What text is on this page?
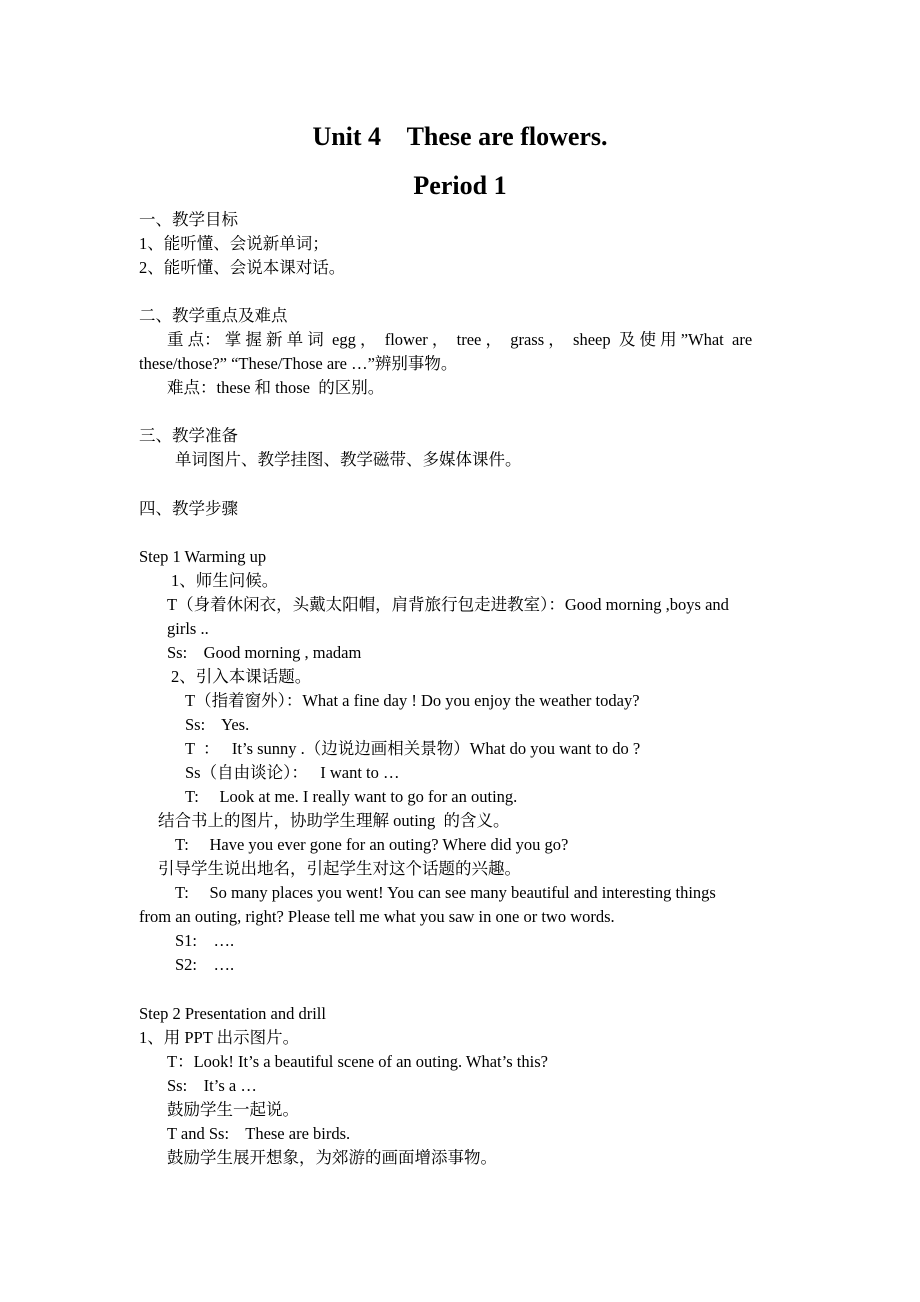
Unit 4    These are flowers.
Period 1
一、教学目标
1、能听懂、会说新单词；
2、能听懂、会说本课对话。
二、教学重点及难点
重 点： 掌 握 新 单 词  egg ，  flower ，  tree ，  grass ，  sheep  及 使 用 ”What  are
these/those?” “These/Those are …”辨别事物。
难点：these 和 those  的区别。
三、教学准备
单词图片、教学挂图、教学磁带、多媒体课件。
四、教学步骤
Step 1 Warming up
1、师生问候。
T（身着休闲衣，头戴太阳帽，肩背旅行包走进教室）：Good morning ,boys and
girls ..
Ss:    Good morning , madam
2、引入本课话题。
T（指着窗外）：What a fine day ! Do you enjoy the weather today?
Ss:    Yes.
T  ：   It’s sunny .（边说边画相关景物）What do you want to do ?
Ss（自由谈论）：   I want to …
T:     Look at me. I really want to go for an outing.
结合书上的图片，协助学生理解 outing  的含义。
T:     Have you ever gone for an outing? Where did you go?
引导学生说出地名，引起学生对这个话题的兴趣。
T:     So many places you went! You can see many beautiful and interesting things
from an outing, right? Please tell me what you saw in one or two words.
S1:    ….
S2:    ….
Step 2 Presentation and drill
1、用 PPT 出示图片。
T：Look! It’s a beautiful scene of an outing. What’s this?
Ss:    It’s a …
鼓励学生一起说。
T and Ss:    These are birds.
鼓励学生展开想象，为郊游的画面增添事物。
